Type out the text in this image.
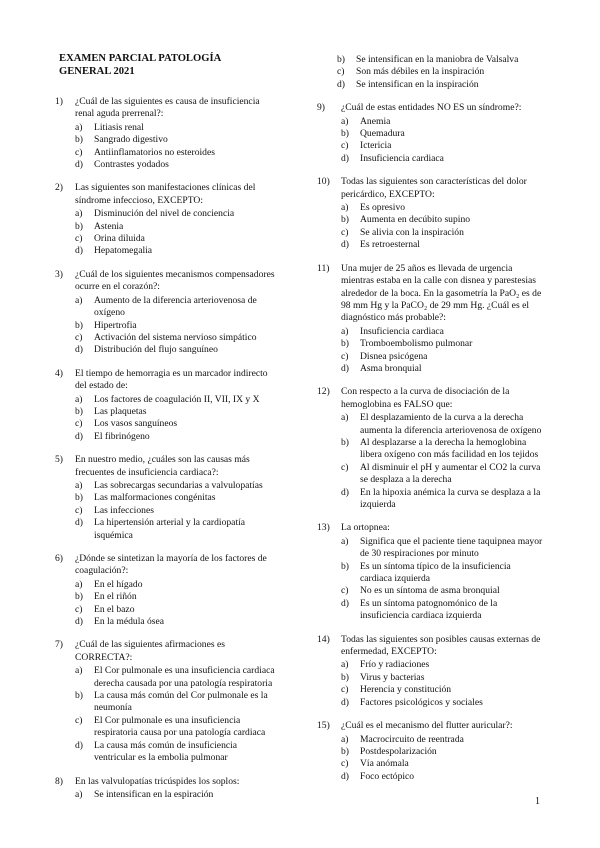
EXAMEN PARCIAL PATOLOGÍA
GENERAL 2021
1)	¿Cuál de las siguientes es causa de insuficiencia renal aguda prerrenal?:
a)	Litiasis renal
b)	Sangrado digestivo
c)	Antiinflamatorios no esteroides
d)	Contrastes yodados
2)	Las siguientes son manifestaciones clínicas del síndrome infeccioso, EXCEPTO:
a)	Disminución del nivel de conciencia
b)	Astenia
c)	Orina diluida
d)	Hepatomegalia
3)	¿Cuál de los siguientes mecanismos compensadores ocurre en el corazón?:
a)	Aumento de la diferencia arteriovenosa de oxígeno
b)	Hipertrofia
c)	Activación del sistema nervioso simpático
d)	Distribución del flujo sanguíneo
4)	El tiempo de hemorragia es un marcador indirecto del estado de:
a)	Los factores de coagulación II, VII, IX y X
b)	Las plaquetas
c)	Los vasos sanguíneos
d)	El fibrinógeno
5)	En nuestro medio, ¿cuáles son las causas más frecuentes de insuficiencia cardiaca?:
a)	Las sobrecargas secundarias a valvulopatías
b)	Las malformaciones congénitas
c)	Las infecciones
d)	La hipertensión arterial y la cardiopatía isquémica
6)	¿Dónde se sintetizan la mayoría de los factores de coagulación?:
a)	En el hígado
b)	En el riñón
c)	En el bazo
d)	En la médula ósea
7)	¿Cuál de las siguientes afirmaciones es CORRECTA?:
a)	El Cor pulmonale es una insuficiencia cardiaca derecha causada por una patología respiratoria
b)	La causa más común del Cor pulmonale es la neumonía
c)	El Cor pulmonale es una insuficiencia respiratoria causa por una patología cardiaca
d)	La causa más común de insuficiencia ventricular es la embolia pulmonar
8)	En las valvulopatías tricúspides los soplos:
a)	Se intensifican en la espiración
b)	Se intensifican en la maniobra de Valsalva
c)	Son más débiles en la inspiración
d)	Se intensifican en la inspiración
9)	¿Cuál de estas entidades NO ES un síndrome?:
a)	Anemia
b)	Quemadura
c)	Ictericia
d)	Insuficiencia cardiaca
10)	Todas las siguientes son características del dolor pericárdico, EXCEPTO:
a)	Es opresivo
b)	Aumenta en decúbito supino
c)	Se alivia con la inspiración
d)	Es retroesternal
11)	Una mujer de 25 años es llevada de urgencia mientras estaba en la calle con disnea y parestesias alrededor de la boca. En la gasometría la PaO₂ es de 98 mm Hg y la PaCO₂ de 29 mm Hg. ¿Cuál es el diagnóstico más probable?:
a)	Insuficiencia cardiaca
b)	Tromboembolismo pulmonar
c)	Disnea psicógena
d)	Asma bronquial
12)	Con respecto a la curva de disociación de la hemoglobina es FALSO que:
a)	El desplazamiento de la curva a la derecha aumenta la diferencia arteriovenosa de oxígeno
b)	Al desplazarse a la derecha la hemoglobina libera oxígeno con más facilidad en los tejidos
c)	Al disminuir el pH y aumentar el CO2 la curva se desplaza a la derecha
d)	En la hipoxia anémica la curva se desplaza a la izquierda
13)	La ortopnea:
a)	Significa que el paciente tiene taquipnea mayor de 30 respiraciones por minuto
b)	Es un síntoma típico de la insuficiencia cardiaca izquierda
c)	No es un síntoma de asma bronquial
d)	Es un síntoma patognomónico de la insuficiencia cardiaca izquierda
14)	Todas las siguientes son posibles causas externas de enfermedad, EXCEPTO:
a)	Frío y radiaciones
b)	Virus y bacterias
c)	Herencia y constitución
d)	Factores psicológicos y sociales
15)	¿Cuál es el mecanismo del flutter auricular?:
a)	Macrocircuito de reentrada
b)	Postdespolarización
c)	Vía anómala
d)	Foco ectópico
1
